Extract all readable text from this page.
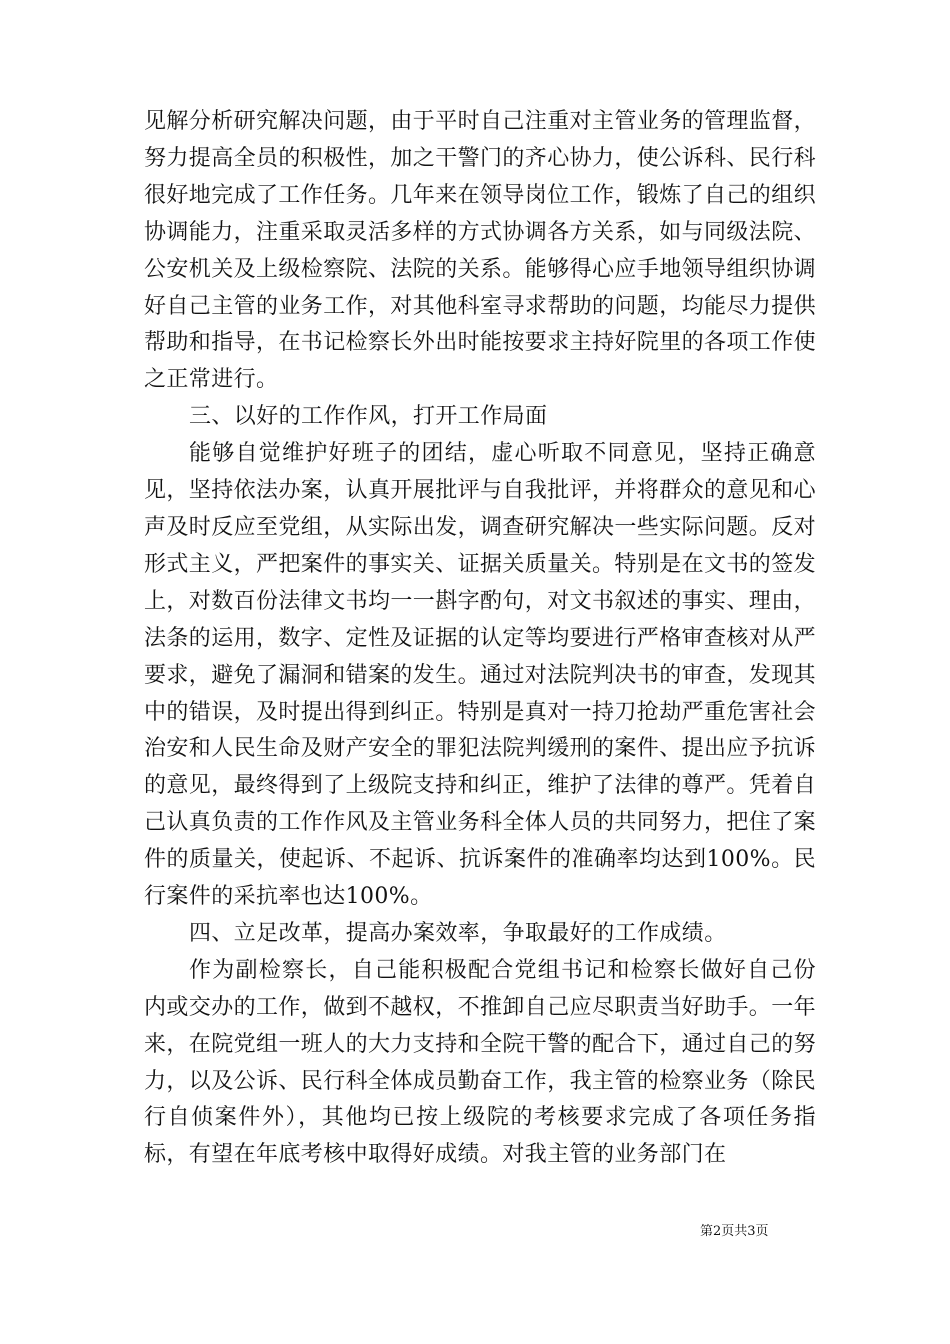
见解分析研究解决问题，由于平时自己注重对主管业务的管理监督，努力提高全员的积极性，加之干警门的齐心协力，使公诉科、民行科很好地完成了工作任务。几年来在领导岗位工作，锻炼了自己的组织协调能力，注重采取灵活多样的方式协调各方关系，如与同级法院、公安机关及上级检察院、法院的关系。能够得心应手地领导组织协调好自己主管的业务工作，对其他科室寻求帮助的问题，均能尽力提供帮助和指导，在书记检察长外出时能按要求主持好院里的各项工作使之正常进行。

三、以好的工作作风，打开工作局面

能够自觉维护好班子的团结，虚心听取不同意见，坚持正确意见，坚持依法办案，认真开展批评与自我批评，并将群众的意见和心声及时反应至党组，从实际出发，调查研究解决一些实际问题。反对形式主义，严把案件的事实关、证据关质量关。特别是在文书的签发上，对数百份法律文书均一一斟字酌句，对文书叙述的事实、理由，法条的运用，数字、定性及证据的认定等均要进行严格审查核对从严要求，避免了漏洞和错案的发生。通过对法院判决书的审查，发现其中的错误，及时提出得到纠正。特别是真对一持刀抢劫严重危害社会治安和人民生命及财产安全的罪犯法院判缓刑的案件、提出应予抗诉的意见，最终得到了上级院支持和纠正，维护了法律的尊严。凭着自己认真负责的工作作风及主管业务科全体人员的共同努力，把住了案件的质量关，使起诉、不起诉、抗诉案件的准确率均达到100%。民行案件的采抗率也达100%。

四、立足改革，提高办案效率，争取最好的工作成绩。

作为副检察长，自己能积极配合党组书记和检察长做好自己份内或交办的工作，做到不越权，不推卸自己应尽职责当好助手。一年来，在院党组一班人的大力支持和全院干警的配合下，通过自己的努力，以及公诉、民行科全体成员勤奋工作，我主管的检察业务（除民行自侦案件外），其他均已按上级院的考核要求完成了各项任务指标，有望在年底考核中取得好成绩。对我主管的业务部门在

第2页共3页
